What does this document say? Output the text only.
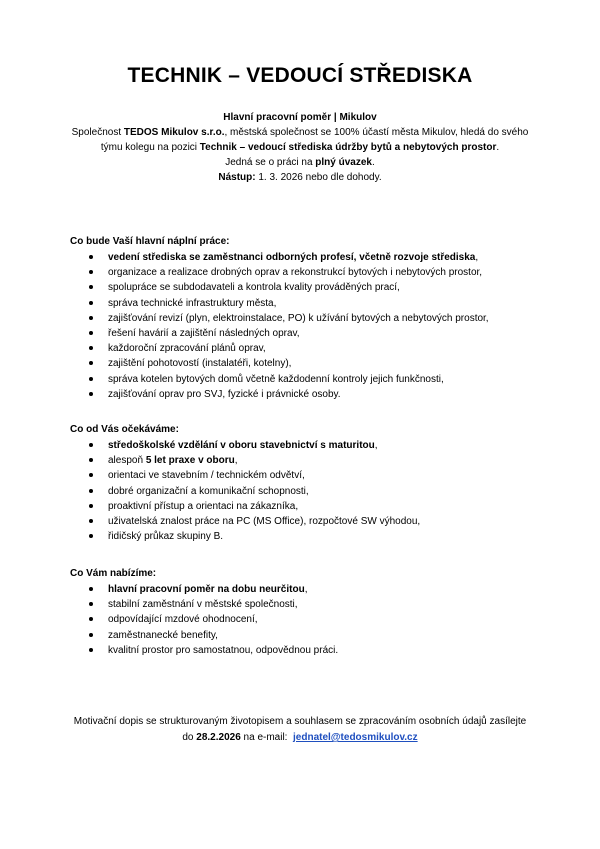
TECHNIK – VEDOUCÍ STŘEDISKA

Hlavní pracovní poměr | Mikulov

Společnost TEDOS Mikulov s.r.o., městská společnost se 100% účastí města Mikulov, hledá do svého

týmu kolegu na pozici Technik – vedoucí střediska údržby bytů a nebytových prostor.

Jedná se o práci na plný úvazek.

Nástup: 1. 3. 2026 nebo dle dohody.

Co bude Vaší hlavní náplní práce:
vedení střediska se zaměstnanci odborných profesí, včetně rozvoje střediska,
organizace a realizace drobných oprav a rekonstrukcí bytových i nebytových prostor,
spolupráce se subdodavateli a kontrola kvality prováděných prací,
správa technické infrastruktury města,
zajišťování revizí (plyn, elektroinstalace, PO) k užívání bytových a nebytových prostor,
řešení havárií a zajištění následných oprav,
každoroční zpracování plánů oprav,
zajištění pohotovostí (instalatéři, kotelny),
správa kotelen bytových domů včetně každodenní kontroly jejich funkčnosti,
zajišťování oprav pro SVJ, fyzické i právnické osoby.
Co od Vás očekáváme:
středoškolské vzdělání v oboru stavebnictví s maturitou,
alespoň 5 let praxe v oboru,
orientaci ve stavebním / technickém odvětví,
dobré organizační a komunikační schopnosti,
proaktivní přístup a orientaci na zákazníka,
uživatelská znalost práce na PC (MS Office), rozpočtové SW výhodou,
řidičský průkaz skupiny B.
Co Vám nabízíme:
hlavní pracovní poměr na dobu neurčitou,
stabilní zaměstnání v městské společnosti,
odpovídající mzdové ohodnocení,
zaměstnanecké benefity,
kvalitní prostor pro samostatnou, odpovědnou práci.

Motivační dopis se strukturovaným životopisem a souhlasem se zpracováním osobních údajů zasílejte

do 28.2.2026 na e-mail:  jednatel@tedosmikulov.cz
